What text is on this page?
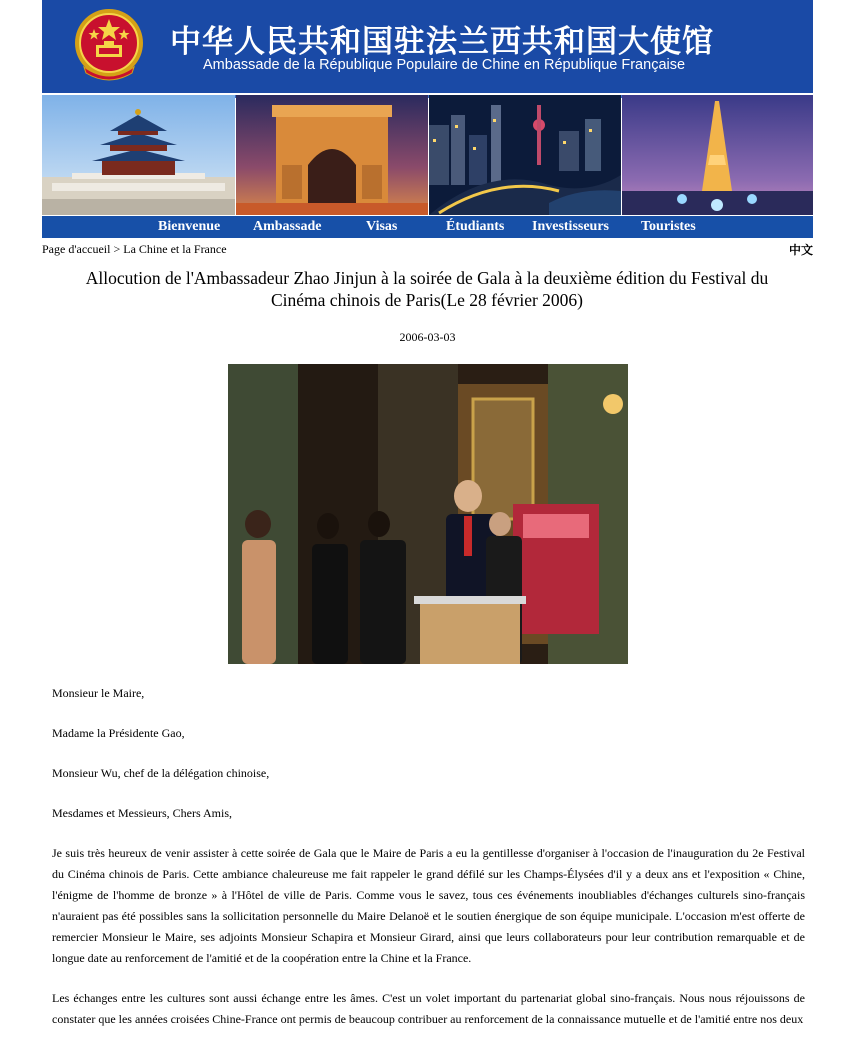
中华人民共和国驻法兰西共和国大使馆
Ambassade de la République Populaire de Chine en République Française
Bienvenue Ambassade	Visas	Étudiants Investisseurs Touristes
Page d'accueil > La Chine et la France	中文
Allocution de l'Ambassadeur Zhao Jinjun à la soirée de Gala à la deuxième édition du Festival du Cinéma chinois de Paris(Le 28 février 2006)
2006-03-03

Monsieur le Maire,

Madame la Présidente Gao,

Monsieur Wu, chef de la délégation chinoise,

Mesdames et Messieurs, Chers Amis,

Je suis très heureux de venir assister à cette soirée de Gala que le Maire de Paris a eu la gentillesse d'organiser à l'occasion de l'inauguration du 2e Festival du Cinéma chinois de Paris. Cette ambiance chaleureuse me fait rappeler le grand défilé sur les Champs-Élysées d'il y a deux ans et l'exposition « Chine, l'énigme de l'homme de bronze » à l'Hôtel de ville de Paris. Comme vous le savez, tous ces événements inoubliables d'échanges culturels sino-français n'auraient pas été possibles sans la sollicitation personnelle du Maire Delanoë et le soutien énergique de son équipe municipale. L'occasion m'est offerte de remercier Monsieur le Maire, ses adjoints Monsieur Schapira et Monsieur Girard, ainsi que leurs collaborateurs pour leur contribution remarquable et de longue date au renforcement de l'amitié et de la coopération entre la Chine et la France.

Les échanges entre les cultures sont aussi échange entre les âmes. C'est un volet important du partenariat global sino-français. Nous nous réjouissons de constater que les années croisées Chine-France ont permis de beaucoup contribuer au renforcement de la connaissance mutuelle et de l'amitié entre nos deux
